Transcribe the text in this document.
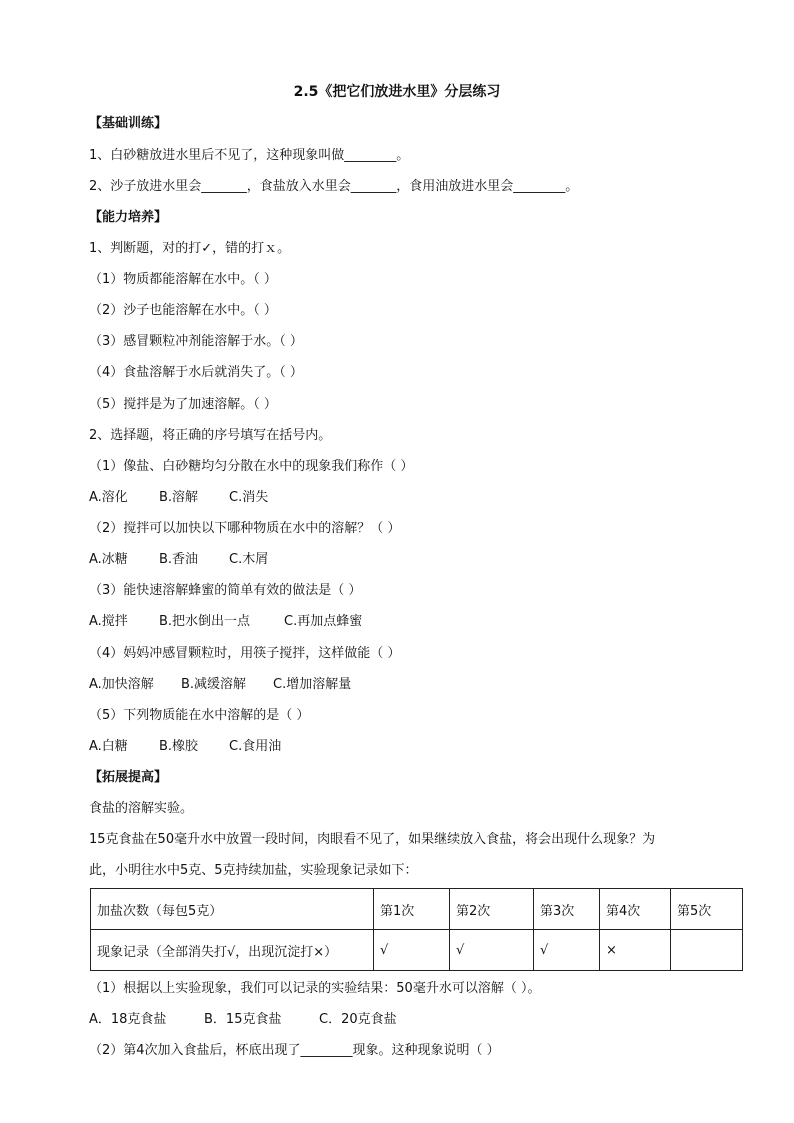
2.5《把它们放进水里》分层练习
【基础训练】
1、白砂糖放进水里后不见了，这种现象叫做________。
2、沙子放进水里会_______，食盐放入水里会_______，食用油放进水里会________。
【能力培养】
1、判断题，对的打✓，错的打ｘ。
（1）物质都能溶解在水中。（ ）
（2）沙子也能溶解在水中。（ ）
（3）感冒颗粒冲剂能溶解于水。（ ）
（4）食盐溶解于水后就消失了。（ ）
（5）搅拌是为了加速溶解。（ ）
2、选择题，将正确的序号填写在括号内。
（1）像盐、白砂糖均匀分散在水中的现象我们称作（ ）
A.溶化 B.溶解 C.消失
（2）搅拌可以加快以下哪种物质在水中的溶解？（ ）
A.冰糖 B.香油 C.木屑
（3）能快速溶解蜂蜜的简单有效的做法是（ ）
A.搅拌 B.把水倒出一点	C.再加点蜂蜜
（4）妈妈冲感冒颗粒时，用筷子搅拌，这样做能（ ）
A.加快溶解 B.减缓溶解 C.增加溶解量
（5）下列物质能在水中溶解的是（ ）
A.白糖 B.橡胶 C.食用油
【拓展提高】
食盐的溶解实验。
15克食盐在50毫升水中放置一段时间，肉眼看不见了，如果继续放入食盐，将会出现什么现象？为
此，小明往水中5克、5克持续加盐，实验现象记录如下：
加盐次数（每包5克）	第1次	第2次	第3次	第4次	第5次
现象记录（全部消失打√，出现沉淀打×）	√	√	√	×	
（1）根据以上实验现象，我们可以记录的实验结果：50毫升水可以溶解（ ）。
A．18克食盐	B．15克食盐	C．20克食盐
（2）第4次加入食盐后，杯底出现了________现象。这种现象说明（ ）
